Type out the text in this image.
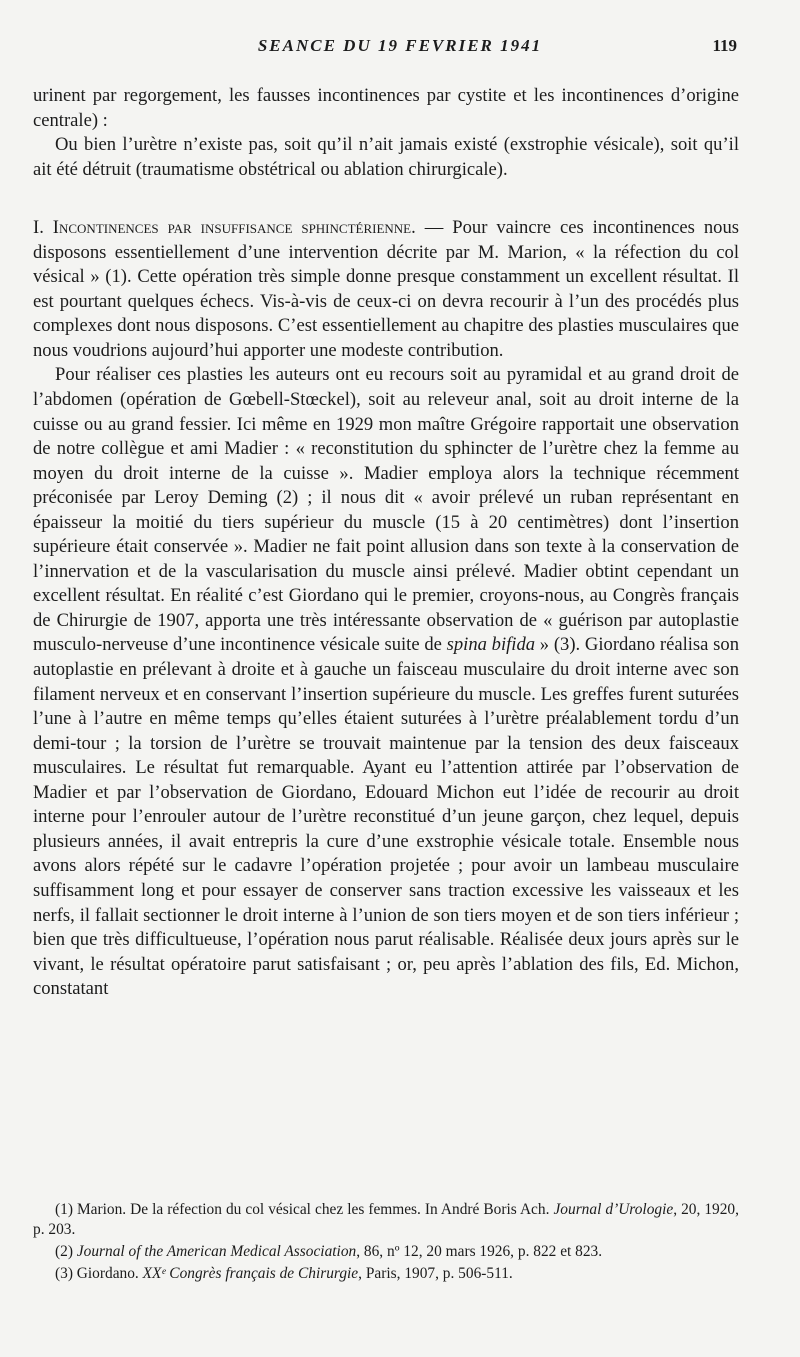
SEANCE DU 19 FEVRIER 1941	119

urinent par regorgement, les fausses incontinences par cystite et les incontinences d’origine centrale) :

Ou bien l’urètre n’existe pas, soit qu’il n’ait jamais existé (exstrophie vésicale), soit qu’il ait été détruit (traumatisme obstétrical ou ablation chirurgicale).

I. Incontinences par insuffisance sphinctérienne. — Pour vaincre ces incontinences nous disposons essentiellement d’une intervention décrite par M. Marion, « la réfection du col vésical » (1). Cette opération très simple donne presque constamment un excellent résultat. Il est pourtant quelques échecs. Vis-à-vis de ceux-ci on devra recourir à l’un des procédés plus complexes dont nous disposons. C’est essentiellement au chapitre des plasties musculaires que nous voudrions aujourd’hui apporter une modeste contribution.

Pour réaliser ces plasties les auteurs ont eu recours soit au pyramidal et au grand droit de l’abdomen (opération de Gœbell-Stœckel), soit au releveur anal, soit au droit interne de la cuisse ou au grand fessier. Ici même en 1929 mon maître Grégoire rapportait une observation de notre collègue et ami Madier : « reconstitution du sphincter de l’urètre chez la femme au moyen du droit interne de la cuisse ». Madier employa alors la technique récemment préconisée par Leroy Deming (2) ; il nous dit « avoir prélevé un ruban représentant en épaisseur la moitié du tiers supérieur du muscle (15 à 20 centimètres) dont l’insertion supérieure était conservée ». Madier ne fait point allusion dans son texte à la conservation de l’innervation et de la vascularisation du muscle ainsi prélevé. Madier obtint cependant un excellent résultat. En réalité c’est Giordano qui le premier, croyons-nous, au Congrès français de Chirurgie de 1907, apporta une très intéressante observation de « guérison par autoplastie musculo-nerveuse d’une incontinence vésicale suite de spina bifida » (3). Giordano réalisa son autoplastie en prélevant à droite et à gauche un faisceau musculaire du droit interne avec son filament nerveux et en conservant l’insertion supérieure du muscle. Les greffes furent suturées l’une à l’autre en même temps qu’elles étaient suturées à l’urètre préalablement tordu d’un demi-tour ; la torsion de l’urètre se trouvait maintenue par la tension des deux faisceaux musculaires. Le résultat fut remarquable. Ayant eu l’attention attirée par l’observation de Madier et par l’observation de Giordano, Edouard Michon eut l’idée de recourir au droit interne pour l’enrouler autour de l’urètre reconstitué d’un jeune garçon, chez lequel, depuis plusieurs années, il avait entrepris la cure d’une exstrophie vésicale totale. Ensemble nous avons alors répété sur le cadavre l’opération projetée ; pour avoir un lambeau musculaire suffisamment long et pour essayer de conserver sans traction excessive les vaisseaux et les nerfs, il fallait sectionner le droit interne à l’union de son tiers moyen et de son tiers inférieur ; bien que très difficultueuse, l’opération nous parut réalisable. Réalisée deux jours après sur le vivant, le résultat opératoire parut satisfaisant ; or, peu après l’ablation des fils, Ed. Michon, constatant

(1) Marion. De la réfection du col vésical chez les femmes. In André Boris Ach. Journal d’Urologie, 20, 1920, p. 203.

(2) Journal of the American Medical Association, 86, nº 12, 20 mars 1926, p. 822 et 823.

(3) Giordano. XXᵉ Congrès français de Chirurgie, Paris, 1907, p. 506-511.
